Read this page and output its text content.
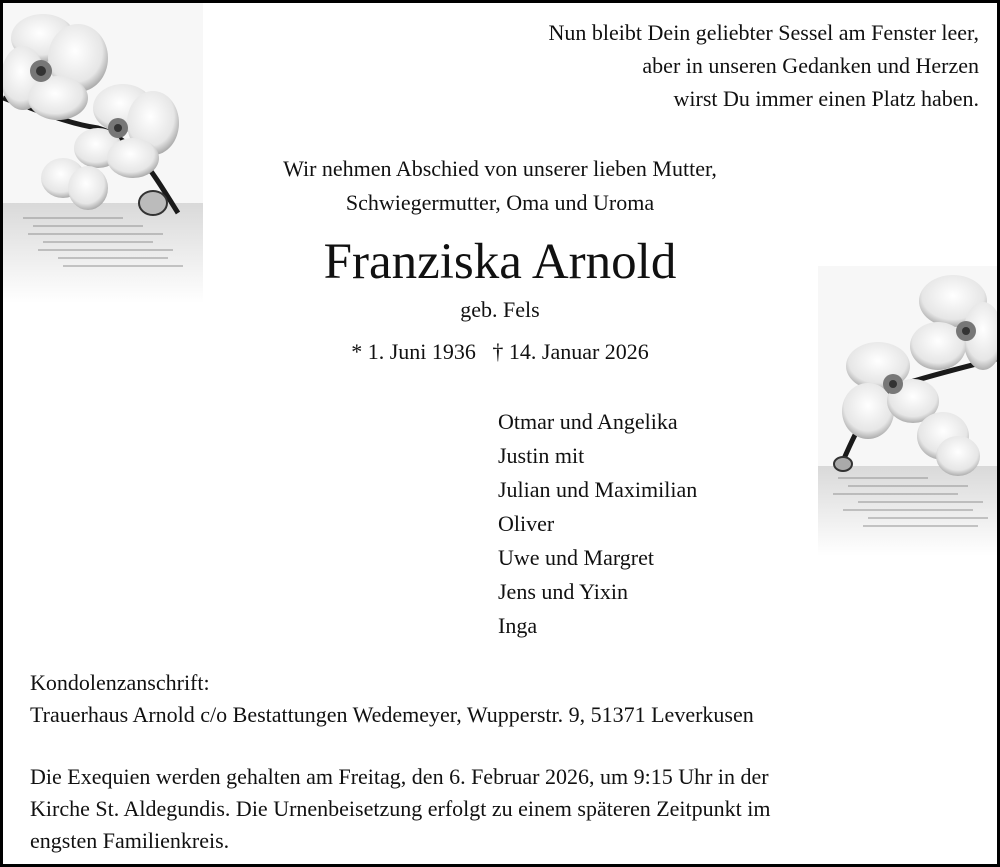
Nun bleibt Dein geliebter Sessel am Fenster leer,
aber in unseren Gedanken und Herzen
wirst Du immer einen Platz haben.
Wir nehmen Abschied von unserer lieben Mutter,
Schwiegermutter, Oma und Uroma
Franziska Arnold
geb. Fels
* 1. Juni 1936   † 14. Januar 2026
Otmar und Angelika
Justin mit
Julian und Maximilian
Oliver
Uwe und Margret
Jens und Yixin
Inga
Kondolenzanschrift:
Trauerhaus Arnold c/o Bestattungen Wedemeyer, Wupperstr. 9, 51371 Leverkusen
Die Exequien werden gehalten am Freitag, den 6. Februar 2026, um 9:15 Uhr in der
Kirche St. Aldegundis. Die Urnenbeisetzung erfolgt zu einem späteren Zeitpunkt im
engsten Familienkreis.
